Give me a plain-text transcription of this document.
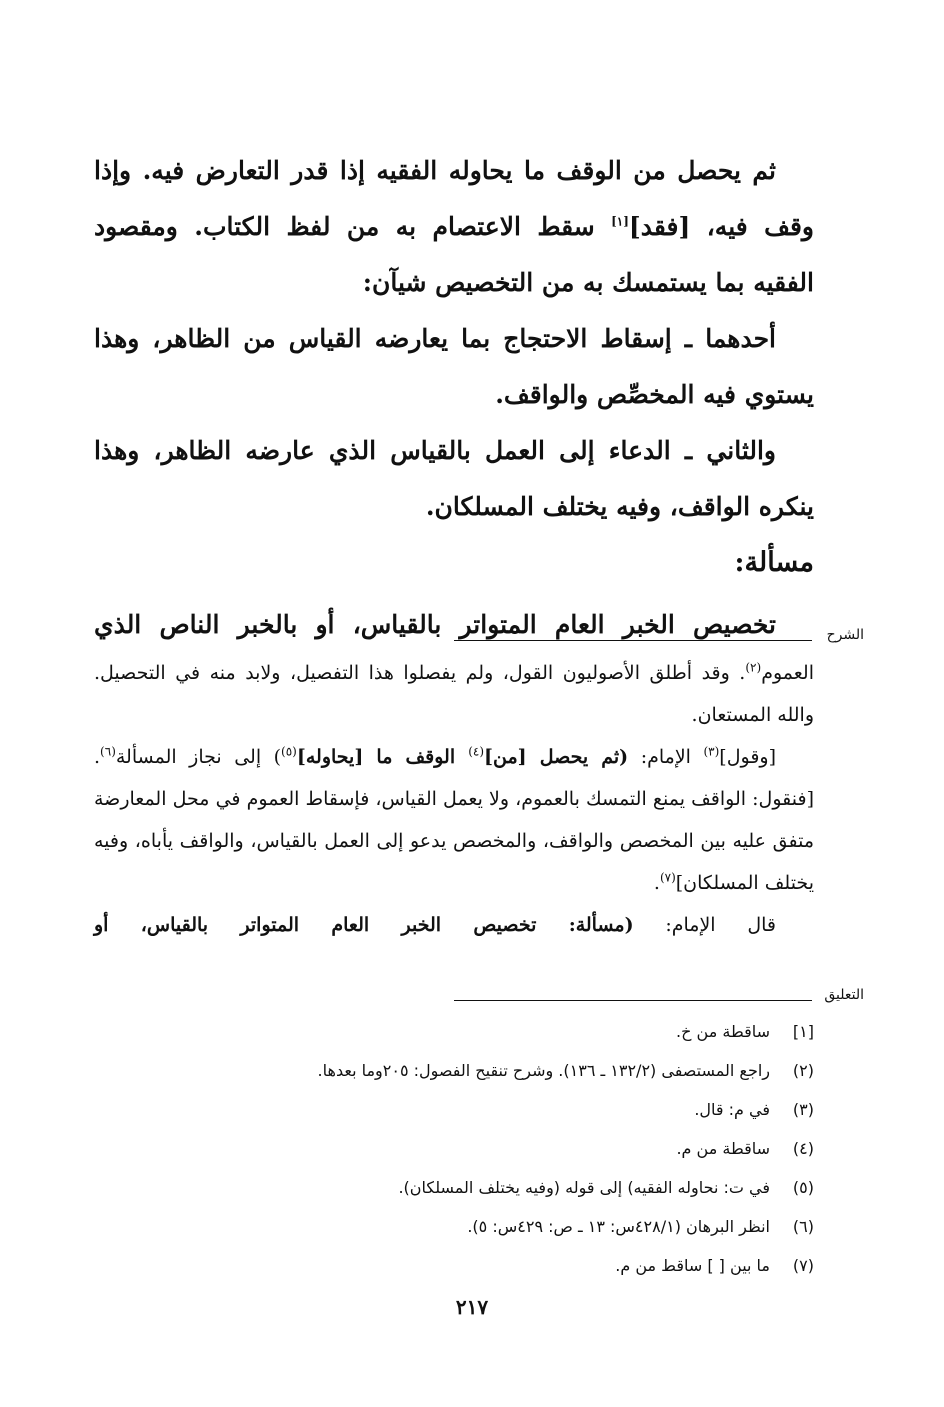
ثم يحصل من الوقف ما يحاوله الفقيه إذا قدر التعارض فيه. وإذا وقف فيه، [فقد][١] سقط الاعتصام به من لفظ الكتاب. ومقصود الفقيه بما يستمسك به من التخصيص شيآن:

أحدهما ـ إسقاط الاحتجاج بما يعارضه القياس من الظاهر، وهذا يستوي فيه المخصِّص والواقف.

والثاني ـ الدعاء إلى العمل بالقياس الذي عارضه الظاهر، وهذا ينكره الواقف، وفيه يختلف المسلكان.

مسألة:

تخصيص الخبر العام المتواتر بالقياس، أو بالخبر الناص الذي	الشرح

العموم$^{(٢)}$. وقد أطلق الأصوليون القول، ولم يفصلوا هذا التفصيل، ولابد منه في التحصيل. والله المستعان.

[وقول]$^{(٣)}$ الإمام: (ثم يحصل [من]$^{(٤)}$ الوقف ما [يحاوله]$^{(٥)}$) إلى نجاز المسألة$^{(٦)}$. [فنقول: الواقف يمنع التمسك بالعموم، ولا يعمل القياس، فإسقاط العموم في محل المعارضة متفق عليه بين المخصص والواقف، والمخصص يدعو إلى العمل بالقياس، والواقف يأباه، وفيه يختلف المسلكان]$^{(٧)}$.

قال الإمام: (مسألة: تخصيص الخبر العام المتواتر بالقياس، أو

التعليق
[١]
ساقطة من خ.
(٢)
راجع المستصفى (١٣٢/٢ ـ ١٣٦). وشرح تنقيح الفصول: ٢٠٥وما بعدها.
(٣)
في م: قال.
(٤)
ساقطة من م.
(٥)
في ت: نحاوله الفقيه) إلى قوله (وفيه يختلف المسلكان).
(٦)
انظر البرهان (٤٢٨/١س: ١٣ ـ ص: ٤٢٩س: ٥).
(٧)
ما بين [ ] ساقط من م.
٢١٧
